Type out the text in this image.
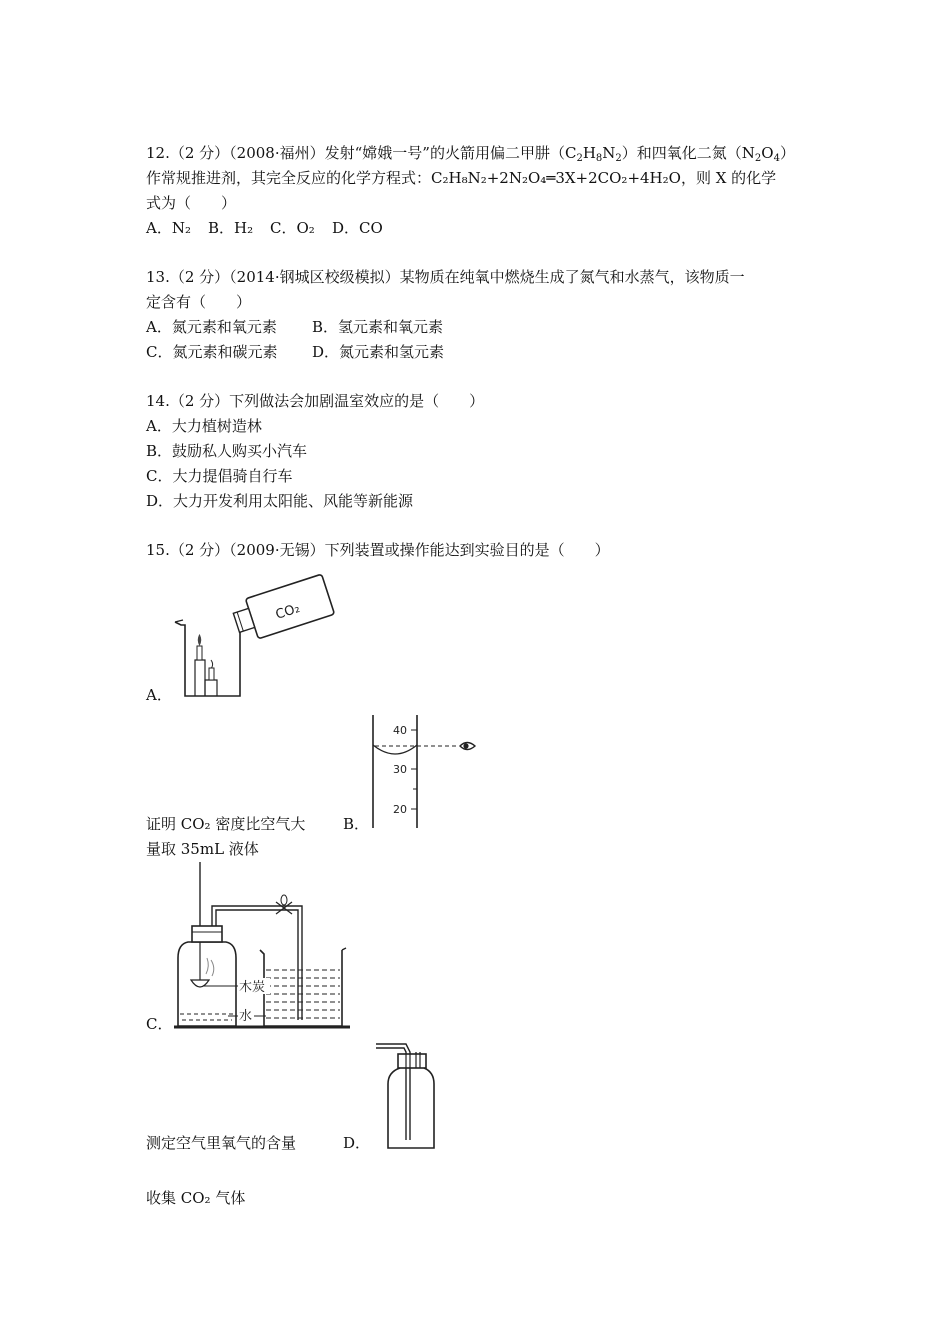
12.（2 分）（2008·福州）发射“嫦娥一号”的火箭用偏二甲肼$(C_2H_8N_2)$和四氧化二氮$(N_2O_4)$
作常规推进剂，其完全反应的化学方程式：C₂H₈N₂+2N₂O₄═3X+2CO₂+4H₂O，则 X 的化学
式为（　　）
A．N₂ B．H₂ C．O₂ D．CO
13.（2 分）（2014·钢城区校级模拟）某物质在纯氧中燃烧生成了氮气和水蒸气，该物质一
定含有（　　）
A．氮元素和氧元素 B．氢元素和氧元素
C．氮元素和碳元素 D．氮元素和氢元素
14.（2 分）下列做法会加剧温室效应的是（　　）
A．大力植树造林
B．鼓励私人购买小汽车
C．大力提倡骑自行车
D．大力开发利用太阳能、风能等新能源
15.（2 分）（2009·无锡）下列装置或操作能达到实验目的是（　　）
A．
CO₂
证明 CO₂ 密度比空气大	B．
40
30
20
量取 35mL 液体
C．
木炭
水
测定空气里氧气的含量	D．
收集 CO₂ 气体
